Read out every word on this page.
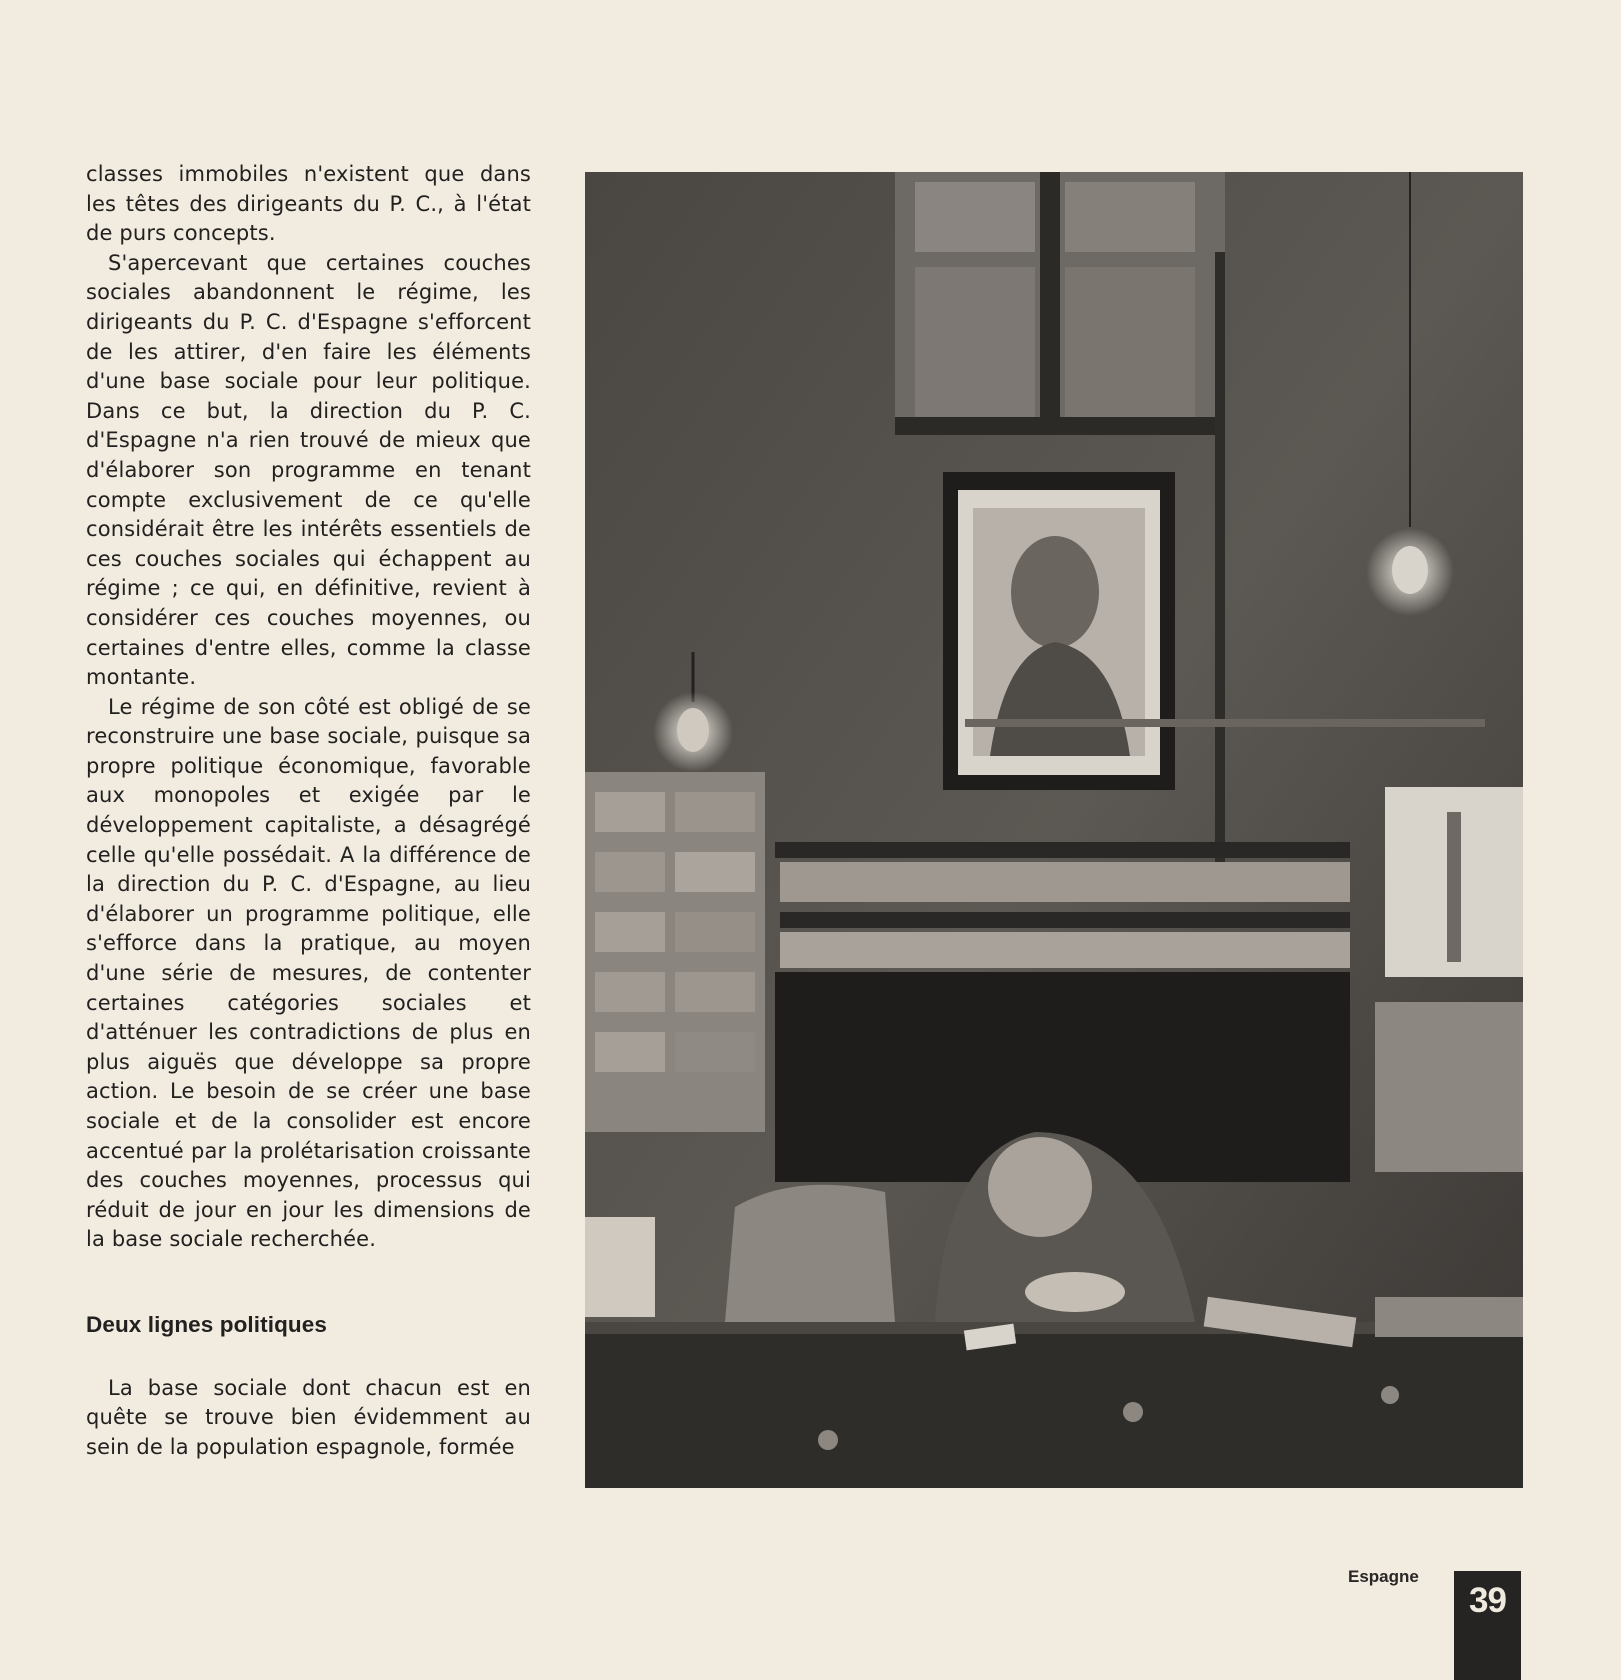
classes immobiles n'existent que dans les têtes des dirigeants du P. C., à l'état de purs concepts.

S'apercevant que certaines couches sociales abandonnent le régime, les dirigeants du P. C. d'Espagne s'efforcent de les attirer, d'en faire les éléments d'une base sociale pour leur politique. Dans ce but, la direction du P. C. d'Espagne n'a rien trouvé de mieux que d'élaborer son programme en tenant compte exclusivement de ce qu'elle considérait être les intérêts essentiels de ces couches sociales qui échappent au régime ; ce qui, en définitive, revient à considérer ces couches moyennes, ou certaines d'entre elles, comme la classe montante.

Le régime de son côté est obligé de se reconstruire une base sociale, puisque sa propre politique économique, favorable aux monopoles et exigée par le développement capitaliste, a désagrégé celle qu'elle possédait. A la différence de la direction du P. C. d'Espagne, au lieu d'élaborer un programme politique, elle s'efforce dans la pratique, au moyen d'une série de mesures, de contenter certaines catégories sociales et d'atténuer les contradictions de plus en plus aiguës que développe sa propre action. Le besoin de se créer une base sociale et de la consolider est encore accentué par la prolétarisation croissante des couches moyennes, processus qui réduit de jour en jour les dimensions de la base sociale recherchée.

Deux lignes politiques

La base sociale dont chacun est en quête se trouve bien évidemment au sein de la population espagnole, formée

Espagne
39
